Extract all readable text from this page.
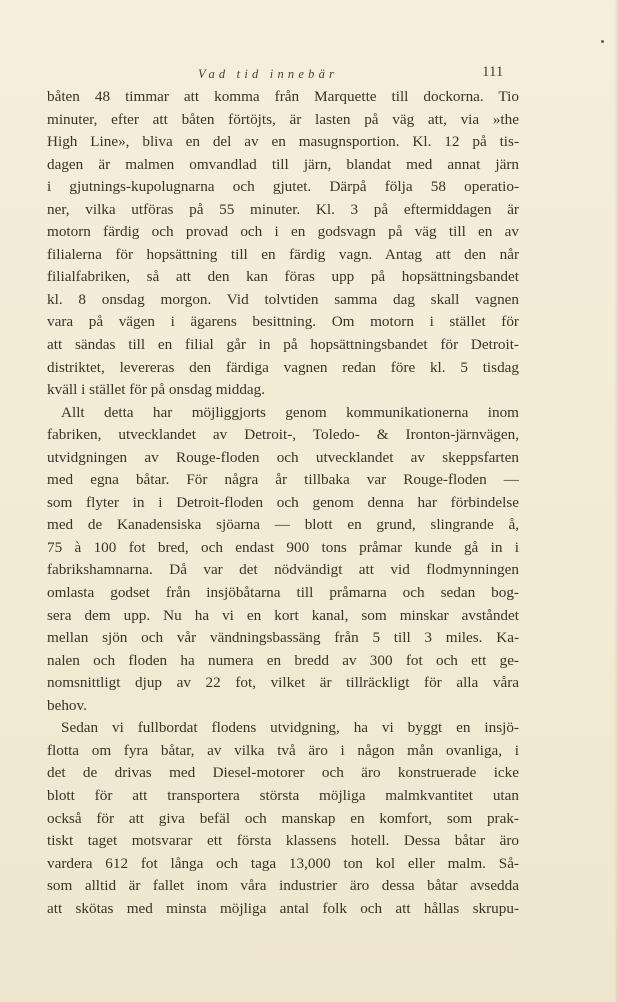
Vad tid innebär	111
båten 48 timmar att komma från Marquette till dockorna. Tio
minuter, efter att båten förtöjts, är lasten på väg att, via »the
High Line», bliva en del av en masugnsportion. Kl. 12 på tis-
dagen är malmen omvandlad till järn, blandat med annat järn
i gjutnings-kupolugnarna och gjutet. Därpå följa 58 operatio-
ner, vilka utföras på 55 minuter. Kl. 3 på eftermiddagen är
motorn färdig och provad och i en godsvagn på väg till en av
filialerna för hopsättning till en färdig vagn. Antag att den når
filialfabriken, så att den kan föras upp på hopsättningsbandet
kl. 8 onsdag morgon. Vid tolvtiden samma dag skall vagnen
vara på vägen i ägarens besittning. Om motorn i stället för
att sändas till en filial går in på hopsättningsbandet för Detroit-
distriktet, levereras den färdiga vagnen redan före kl. 5 tisdag
kväll i stället för på onsdag middag.
Allt detta har möjliggjorts genom kommunikationerna inom
fabriken, utvecklandet av Detroit-, Toledo- & Ironton-järnvägen,
utvidgningen av Rouge-floden och utvecklandet av skeppsfarten
med egna båtar. För några år tillbaka var Rouge-floden —
som flyter in i Detroit-floden och genom denna har förbindelse
med de Kanadensiska sjöarna — blott en grund, slingrande å,
75 à 100 fot bred, och endast 900 tons pråmar kunde gå in i
fabrikshamnarna. Då var det nödvändigt att vid flodmynningen
omlasta godset från insjöbåtarna till pråmarna och sedan bog-
sera dem upp. Nu ha vi en kort kanal, som minskar avståndet
mellan sjön och vår vändningsbassäng från 5 till 3 miles. Ka-
nalen och floden ha numera en bredd av 300 fot och ett ge-
nomsnittligt djup av 22 fot, vilket är tillräckligt för alla våra
behov.
Sedan vi fullbordat flodens utvidgning, ha vi byggt en insjö-
flotta om fyra båtar, av vilka två äro i någon mån ovanliga, i
det de drivas med Diesel-motorer och äro konstruerade icke
blott för att transportera största möjliga malmkvantitet utan
också för att giva befäl och manskap en komfort, som prak-
tiskt taget motsvarar ett första klassens hotell. Dessa båtar äro
vardera 612 fot långa och taga 13,000 ton kol eller malm. Så-
som alltid är fallet inom våra industrier äro dessa båtar avsedda
att skötas med minsta möjliga antal folk och att hållas skrupu-
